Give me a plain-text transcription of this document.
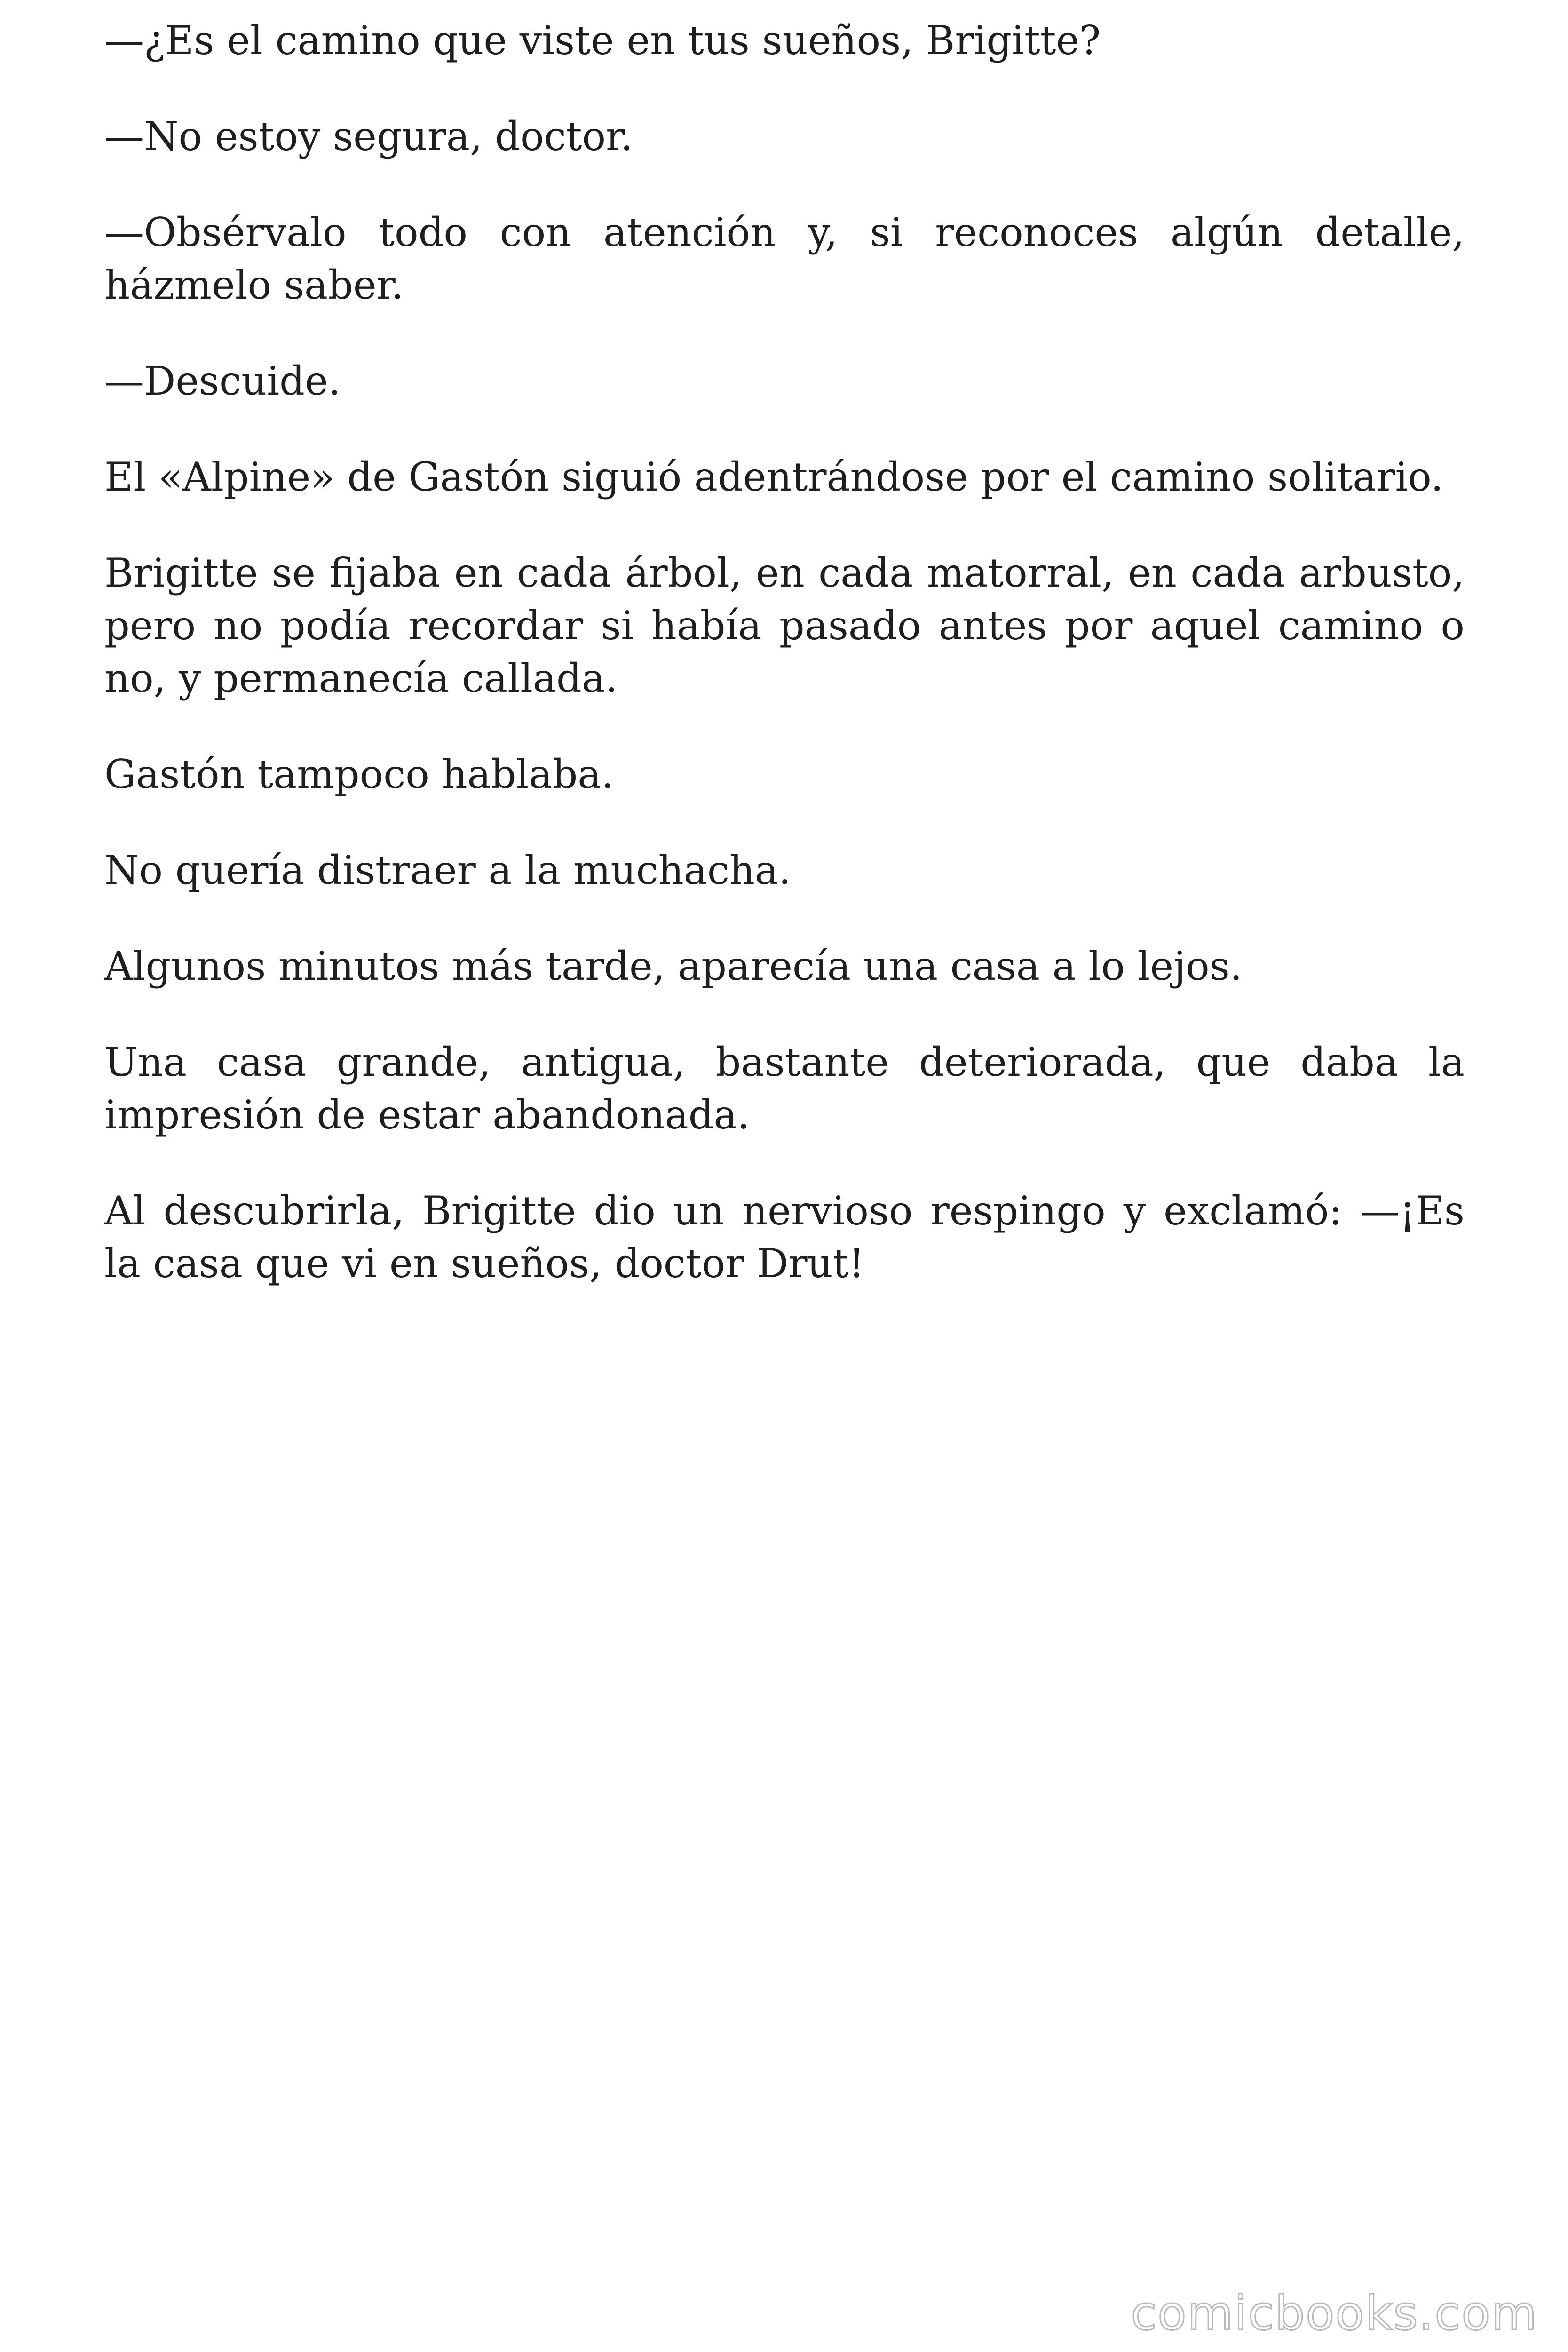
—¿Es el camino que viste en tus sueños, Brigitte?

—No estoy segura, doctor.

—Obsérvalo todo con atención y, si reconoces algún detalle, házmelo saber.

—Descuide.

El «Alpine» de Gastón siguió adentrándose por el camino solitario.

Brigitte se fijaba en cada árbol, en cada matorral, en cada arbusto, pero no podía recordar si había pasado antes por aquel camino o no, y permanecía callada.

Gastón tampoco hablaba.

No quería distraer a la muchacha.

Algunos minutos más tarde, aparecía una casa a lo lejos.

Una casa grande, antigua, bastante deteriorada, que daba la impresión de estar abandonada.

Al descubrirla, Brigitte dio un nervioso respingo y exclamó: —¡Es la casa que vi en sueños, doctor Drut!

comicbooks.com
